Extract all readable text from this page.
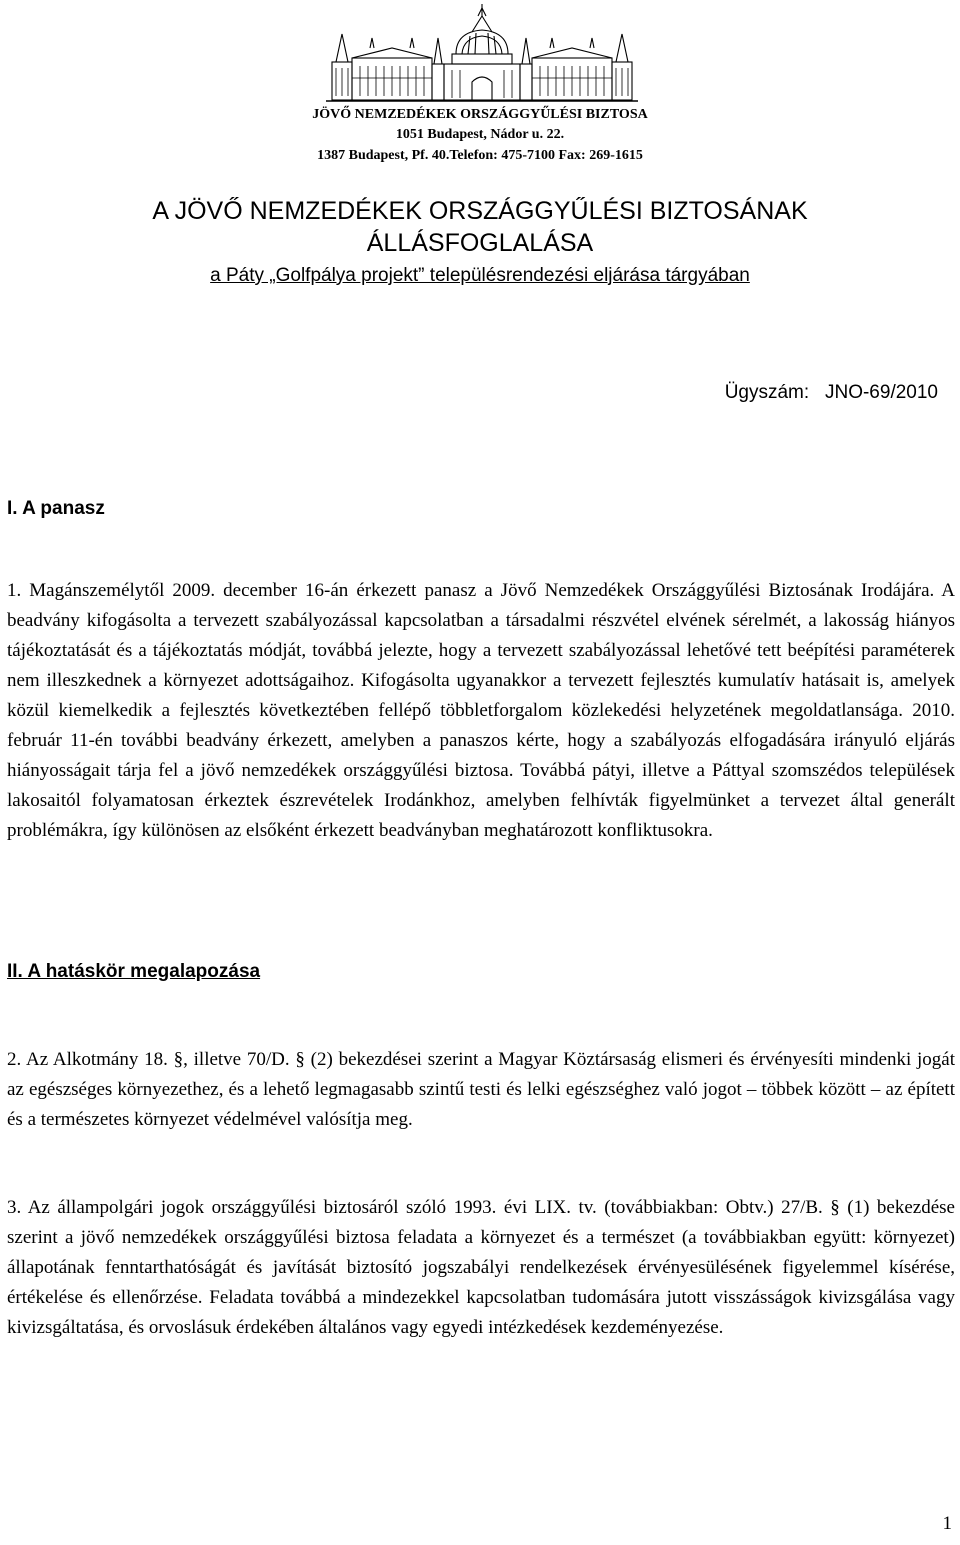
JÖVŐ NEMZEDÉKEK ORSZÁGGYŰLÉSI BIZTOSA
1051 Budapest, Nádor u. 22.
1387 Budapest, Pf. 40.Telefon: 475-7100 Fax: 269-1615
A JÖVŐ NEMZEDÉKEK ORSZÁGGYŰLÉSI BIZTOSÁNAK
ÁLLÁSFOGLALÁSA
a Páty „Golfpálya projekt” településrendezési eljárása tárgyában
Ügyszám:   JNO-69/2010
I. A panasz

1. Magánszemélytől 2009. december 16-án érkezett panasz a Jövő Nemzedékek Országgyűlési Biztosának Irodájára. A beadvány kifogásolta a tervezett szabályozással kapcsolatban a társadalmi részvétel elvének sérelmét, a lakosság hiányos tájékoztatását és a tájékoztatás módját, továbbá jelezte, hogy a tervezett szabályozással lehetővé tett beépítési paraméterek nem illeszkednek a környezet adottságaihoz. Kifogásolta ugyanakkor a tervezett fejlesztés kumulatív hatásait is, amelyek közül kiemelkedik a fejlesztés következtében fellépő többletforgalom közlekedési helyzetének megoldatlansága. 2010. február 11-én további beadvány érkezett, amelyben a panaszos kérte, hogy a szabályozás elfogadására irányuló eljárás hiányosságait tárja fel a jövő nemzedékek országgyűlési biztosa. Továbbá pátyi, illetve a Páttyal szomszédos települések lakosaitól folyamatosan érkeztek észrevételek Irodánkhoz, amelyben felhívták figyelmünket a tervezet által generált problémákra, így különösen az elsőként érkezett beadványban meghatározott konfliktusokra.

II. A hatáskör megalapozása

2. Az Alkotmány 18. §, illetve 70/D. § (2) bekezdései szerint a Magyar Köztársaság elismeri és érvényesíti mindenki jogát az egészséges környezethez, és a lehető legmagasabb szintű testi és lelki egészséghez való jogot – többek között – az épített és a természetes környezet védelmével valósítja meg.

3. Az állampolgári jogok országgyűlési biztosáról szóló 1993. évi LIX. tv. (továbbiakban: Obtv.) 27/B. § (1) bekezdése szerint a jövő nemzedékek országgyűlési biztosa feladata a környezet és a természet (a továbbiakban együtt: környezet) állapotának fenntarthatóságát és javítását biztosító jogszabályi rendelkezések érvényesülésének figyelemmel kísérése, értékelése és ellenőrzése. Feladata továbbá a mindezekkel kapcsolatban tudomására jutott visszásságok kivizsgálása vagy kivizsgáltatása, és orvoslásuk érdekében általános vagy egyedi intézkedések kezdeményezése.

1
